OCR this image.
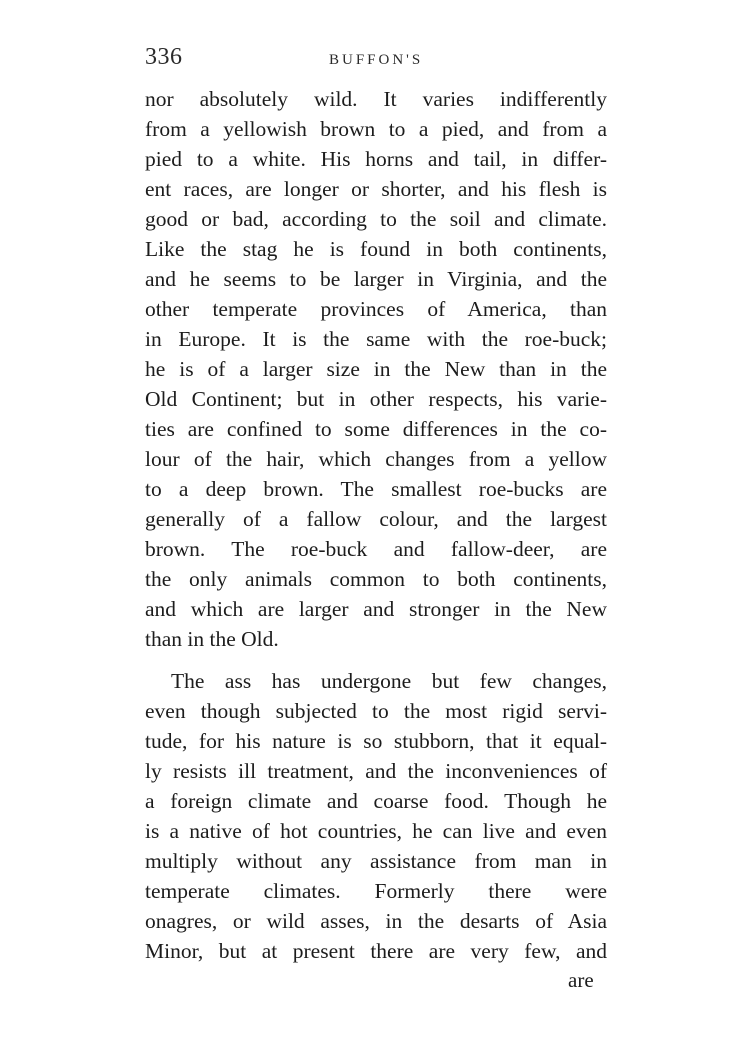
336	BUFFON'S
nor absolutely wild. It varies indifferently
from a yellowish brown to a pied, and from a
pied to a white. His horns and tail, in differ-
ent races, are longer or shorter, and his flesh is
good or bad, according to the soil and climate.
Like the stag he is found in both continents,
and he seems to be larger in Virginia, and the
other temperate provinces of America, than
in Europe. It is the same with the roe-buck;
he is of a larger size in the New than in the
Old Continent; but in other respects, his varie-
ties are confined to some differences in the co-
lour of the hair, which changes from a yellow
to a deep brown. The smallest roe-bucks are
generally of a fallow colour, and the largest
brown. The roe-buck and fallow-deer, are
the only animals common to both continents,
and which are larger and stronger in the New
than in the Old.
The ass has undergone but few changes,
even though subjected to the most rigid servi-
tude, for his nature is so stubborn, that it equal-
ly resists ill treatment, and the inconveniences of
a foreign climate and coarse food. Though he
is a native of hot countries, he can live and even
multiply without any assistance from man in
temperate climates. Formerly there were
onagres, or wild asses, in the desarts of Asia
Minor, but at present there are very few, and
are
